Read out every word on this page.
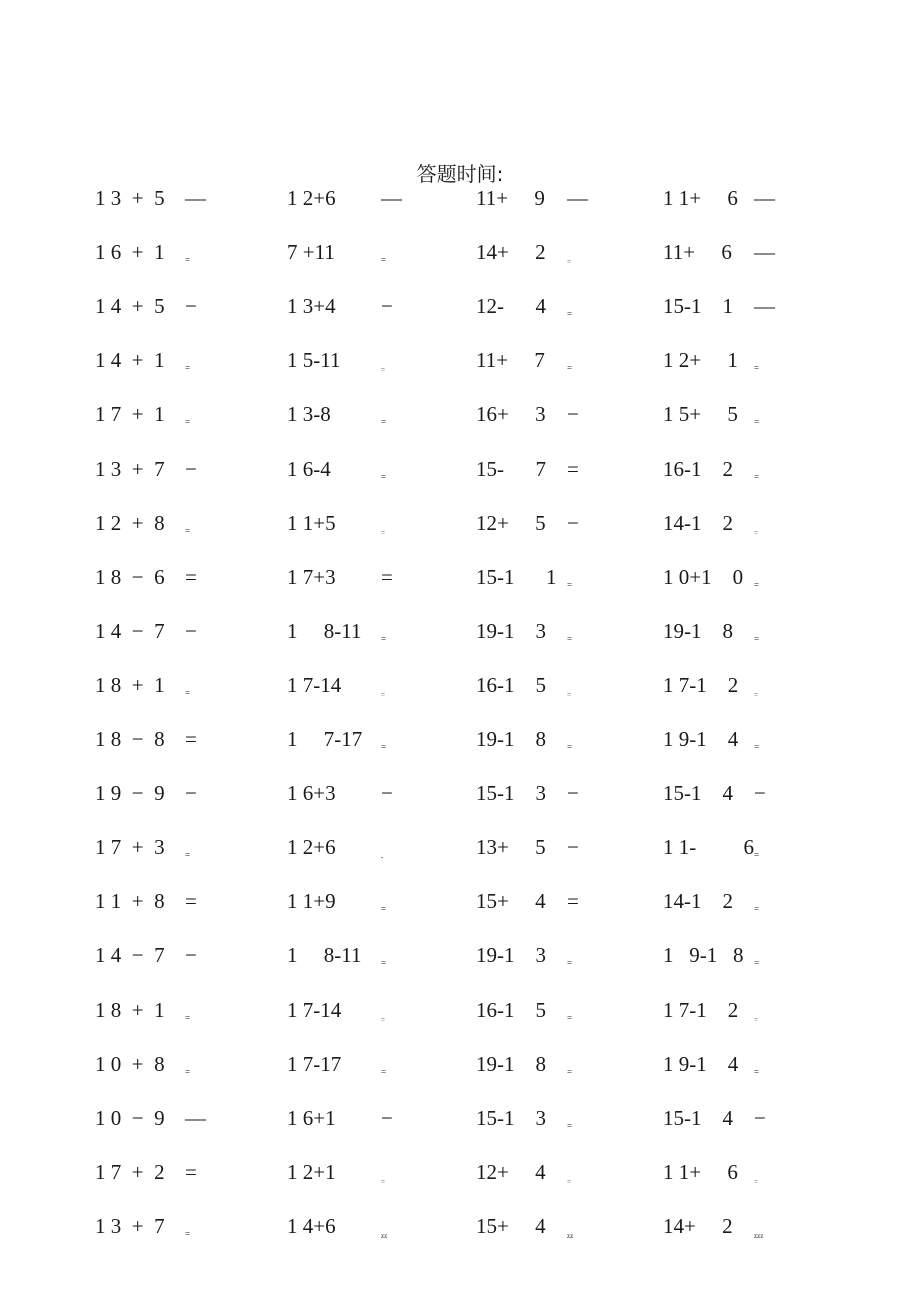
答题时间:
1 3  +  5 —	1 2+6 —	11+     9 —	1 1+     6 —
1 6  +  1 =	7 +11	=	14+     2	=	11+     6 —
1 4  +  5 −	1 3+4 −	12-      4 =	15-1    1 —
1 4  +  1 =	1 5-11	=	11+     7 =	1 2+     1 =
1 7  +  1 =	1 3-8	=	16+     3 −	1 5+     5 =
1 3  +  7 −	1 6-4	=	15-      7 =	16-1    2 =
1 2  +  8 =	1 1+5	=	12+     5 −	14-1    2	=
1 8  −  6 =	1 7+3 =	15-1      1 =	1 0+1    0 =
1 4  −  7 −	1     8-11 =	19-1    3 =	19-1    8 =
1 8  +  1 =	1 7-14	=	16-1    5	=	1 7-1    2 =
1 8  −  8 =	1     7-17 =	19-1    8 =	1 9-1    4 =
1 9  −  9 −	1 6+3 −	15-1    3 −	15-1    4 −
1 7  +  3 =	1 2+6	-	13+     5 −	1 1-         6 =
1 1  +  8 =	1 1+9	=	15+     4 =	14-1    2 =
1 4  −  7 −	1     8-11 =	19-1    3 =	1   9-1   8 =
1 8  +  1 =	1 7-14	=	16-1    5 =	1 7-1    2 =
1 0  +  8 =	1 7-17	=	19-1    8 =	1 9-1    4 =
1 0  −  9 —	1 6+1 −	15-1    3 =	15-1    4 −
1 7  +  2 =	1 2+1	=	12+     4	=	1 1+     6 =
1 3  +  7 =	1 4+6	zz	15+     4	zz	14+     2	zzz
